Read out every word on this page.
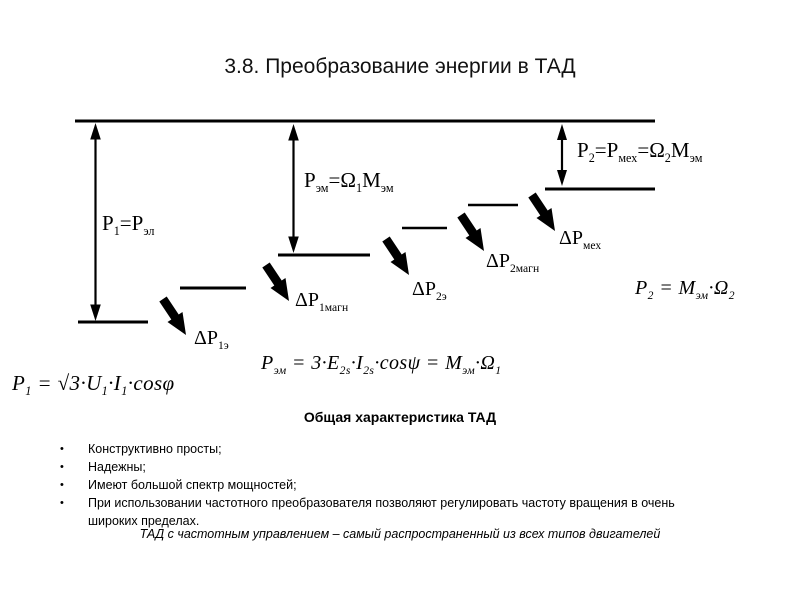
3.8. Преобразование энергии в ТАД
$P_1=P_{эл}$
$P_{эм}=\Omega_1M_{эм}$
$P_2=P_{мех}=\Omega_2M_{эм}$
$\Delta P_{1э}$
$\Delta P_{1магн}$
$\Delta P_{2э}$
$\Delta P_{2магн}$
$\Delta P_{мех}$
$P_1 = √3\cdot U_1\cdot I_1\cdot\cos\varphi$
$P_{эм} = 3\cdot E_{2s}\cdot I_{2s}\cdot\cos\psi = M_{эм}\cdot\Omega_1$
$P_2 = M_{эм}\cdot\Omega_2$
Общая характеристика ТАД
•	Конструктивно просты;
•	Надежны;
•	Имеют большой спектр мощностей;
•	При использовании частотного преобразователя позволяют регулировать частоту вращения в очень
широких пределах.
ТАД с частотным управлением – самый распространенный из всех типов двигателей
